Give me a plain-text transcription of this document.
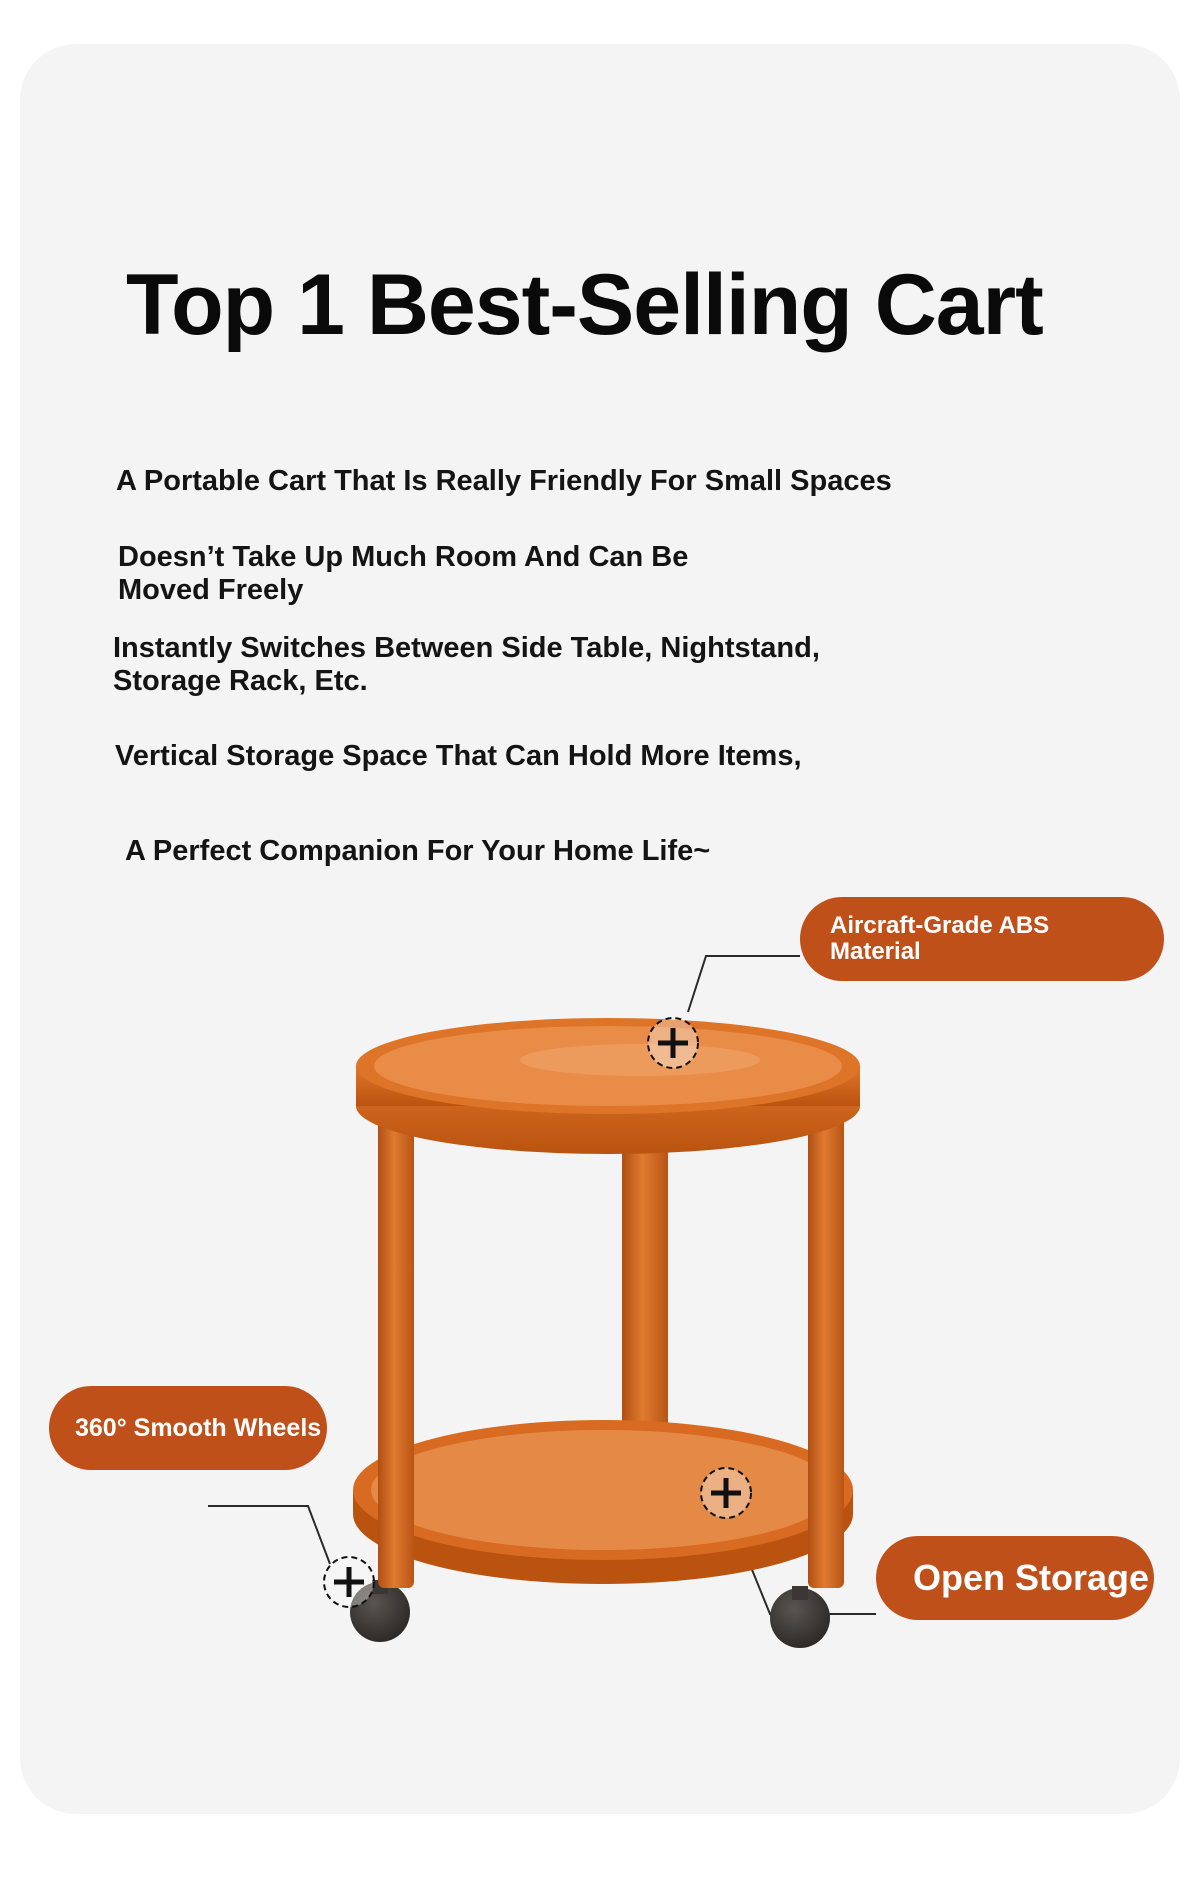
Top 1 Best-Selling Cart

A Portable Cart That Is Really Friendly For Small Spaces

Doesn’t Take Up Much Room And Can Be
Moved Freely

Instantly Switches Between Side Table, Nightstand,
Storage Rack, Etc.

Vertical Storage Space That Can Hold More Items,

A Perfect Companion For Your Home Life~

Aircraft-Grade ABS
Material
360° Smooth Wheels
Open Storage
